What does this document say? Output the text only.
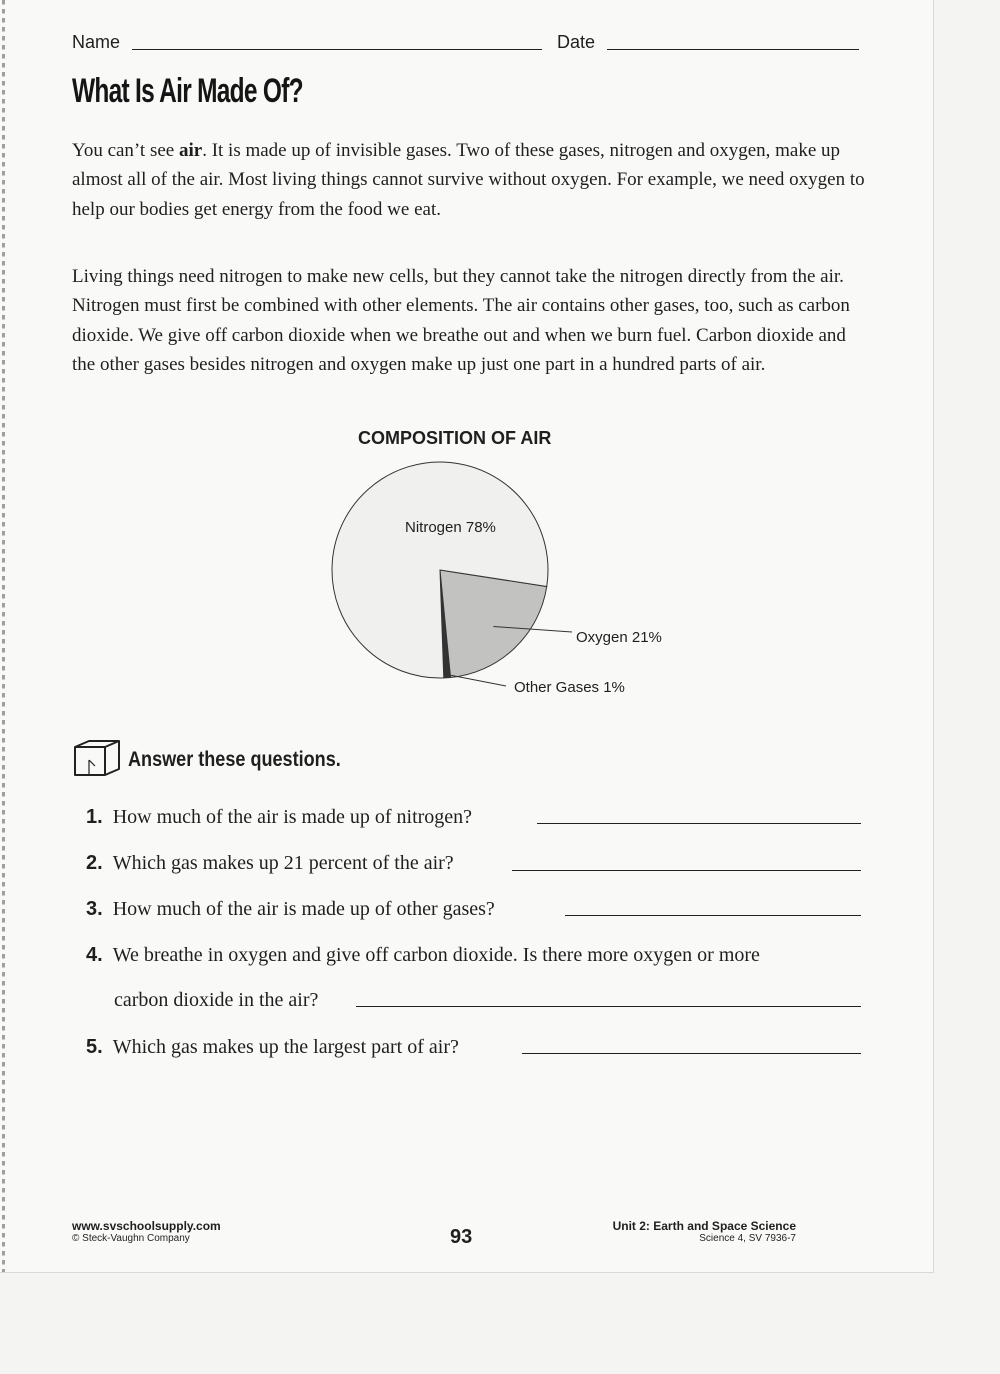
Name	Date
What Is Air Made Of?

You can’t see air. It is made up of invisible gases. Two of these gases, nitrogen and oxygen, make up almost all of the air. Most living things cannot survive without oxygen. For example, we need oxygen to help our bodies get energy from the food we eat.

Living things need nitrogen to make new cells, but they cannot take the nitrogen directly from the air. Nitrogen must first be combined with other elements. The air contains other gases, too, such as carbon dioxide. We give off carbon dioxide when we breathe out and when we burn fuel. Carbon dioxide and the other gases besides nitrogen and oxygen make up just one part in a hundred parts of air.

COMPOSITION OF AIR
Nitrogen 78%
Oxygen 21%
Other Gases 1%
Answer these questions.
1. How much of the air is made up of nitrogen?
2. Which gas makes up 21 percent of the air?
3. How much of the air is made up of other gases?
4. We breathe in oxygen and give off carbon dioxide. Is there more oxygen or more
carbon dioxide in the air?
5. Which gas makes up the largest part of air?
www.svschoolsupply.com
© Steck-Vaughn Company	93	Unit 2: Earth and Space Science
Science 4, SV 7936-7
